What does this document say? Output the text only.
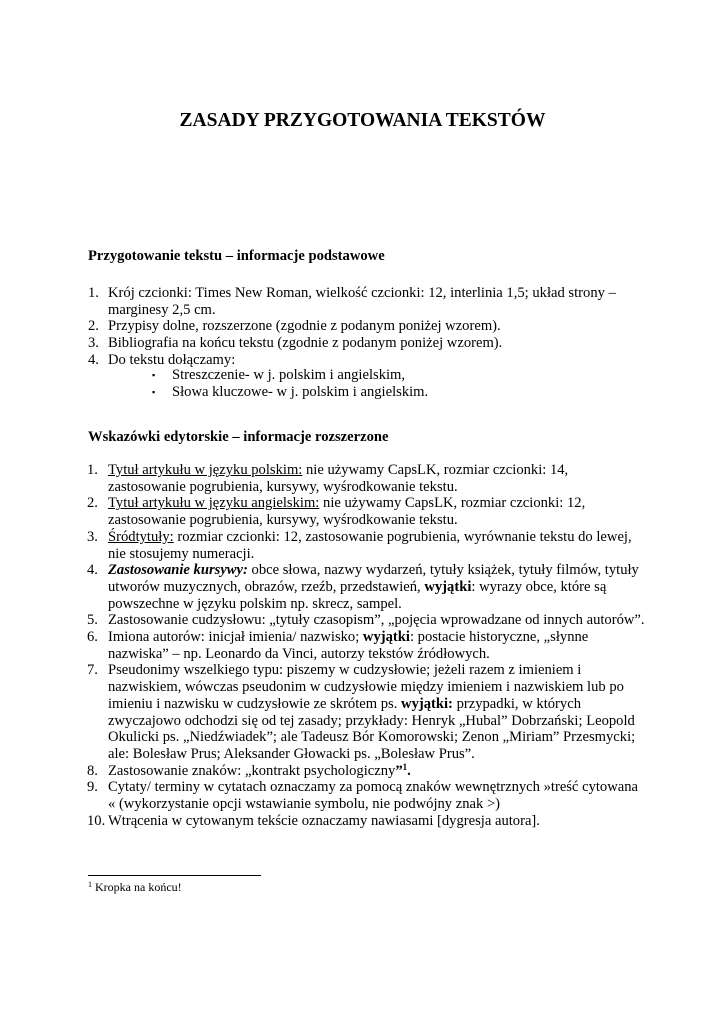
ZASADY PRZYGOTOWANIA TEKSTÓW
Przygotowanie tekstu – informacje podstawowe
1. Krój czcionki: Times New Roman, wielkość czcionki: 12, interlinia 1,5; układ strony – marginesy 2,5 cm.
2. Przypisy dolne, rozszerzone (zgodnie z podanym poniżej wzorem).
3. Bibliografia na końcu tekstu (zgodnie z podanym poniżej wzorem).
4. Do tekstu dołączamy:
▪ Streszczenie- w j. polskim i angielskim,
▪ Słowa kluczowe- w j. polskim i angielskim.
Wskazówki edytorskie – informacje rozszerzone
1. Tytuł artykułu w języku polskim: nie używamy CapsLK, rozmiar czcionki: 14, zastosowanie pogrubienia, kursywy, wyśrodkowanie tekstu.
2. Tytuł artykułu w języku angielskim: nie używamy CapsLK, rozmiar czcionki: 12, zastosowanie pogrubienia, kursywy, wyśrodkowanie tekstu.
3. Śródtytuły: rozmiar czcionki: 12, zastosowanie pogrubienia, wyrównanie tekstu do lewej, nie stosujemy numeracji.
4. Zastosowanie kursywy: obce słowa, nazwy wydarzeń, tytuły książek, tytuły filmów, tytuły utworów muzycznych, obrazów, rzeźb, przedstawień, wyjątki: wyrazy obce, które są powszechne w języku polskim np. skrecz, sampel.
5. Zastosowanie cudzysłowu: „tytuły czasopism”, „pojęcia wprowadzane od innych autorów”.
6. Imiona autorów: inicjał imienia/ nazwisko; wyjątki: postacie historyczne, „słynne nazwiska” – np. Leonardo da Vinci, autorzy tekstów źródłowych.
7. Pseudonimy wszelkiego typu: piszemy w cudzysłowie; jeżeli razem z imieniem i nazwiskiem, wówczas pseudonim w cudzysłowie między imieniem i nazwiskiem lub po imieniu i nazwisku w cudzysłowie ze skrótem ps. wyjątki: przypadki, w których zwyczajowo odchodzi się od tej zasady; przykłady: Henryk „Hubal” Dobrzański; Leopold Okulicki ps. „Niedźwiadek”; ale Tadeusz Bór Komorowski; Zenon „Miriam” Przesmycki; ale: Bolesław Prus; Aleksander Głowacki ps. „Bolesław Prus”.
8. Zastosowanie znaków: „kontrakt psychologiczny”$^1$.
9. Cytaty/ terminy w cytatach oznaczamy za pomocą znaków wewnętrznych »treść cytowana « (wykorzystanie opcji wstawianie symbolu, nie podwójny znak >)
10. Wtrącenia w cytowanym tekście oznaczamy nawiasami [dygresja autora].
$^1$ Kropka na końcu!
